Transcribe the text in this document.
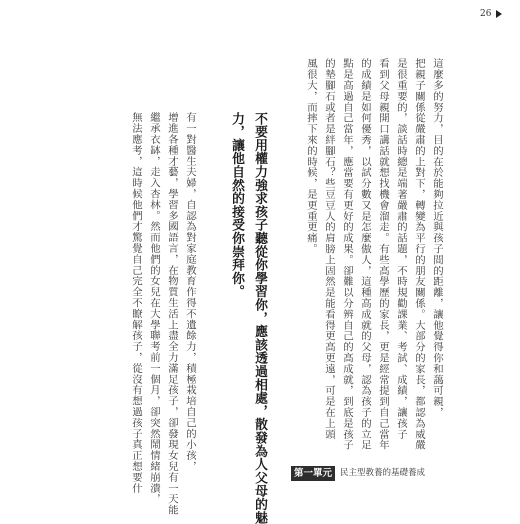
26
這麼多的努力，目的在於能夠拉近與孩子間的距離，讓他覺得你和藹可親，
把親子關係從嚴肅的上對下，轉變為平行的朋友關係。大部分的家長，都認為威嚴
是很重要的，談話時總是端著嚴肅的話題，不時規勸課業、考試、成績，讓孩子
看到父母親開口講話就想找機會溜走。有些高學歷的家長，更是經常提到自己當年
的成績是如何優秀，以試分數又是怎麼傲人，這種高成就的父母，認為孩子的立足
點是高過自己當年，應當要有更好的成果。卻難以分辨自己的高成就，到底是孩子
的墊腳石或者是絆腳石？些豆豆人的肩膀上固然是能看得更高更遠，可是在上頭
風很大，而摔下來的時候，是更重更痛。
不要用權力強求孩子聽從你學習你，應該透過相處，散發為人父母的魅
力，讓他自然的接受你崇拜你。
有一對醫生夫婦，自認為對家庭教育作得不遺餘力，積極栽培自己的小孩，
增進各種才藝，學習多國語言，在物質生活上盡全力滿足孩子，卻發現女兒有一天能
繼承衣缽，走入杏林。然而他們的女兒在大學聯考前一個月，卻突然鬧情緒崩潰，
無法應考，這時候他們才驚覺自己完全不瞭解孩子，從沒有想過孩子真正想要什	第一單元 民主型教養的基礎養成
